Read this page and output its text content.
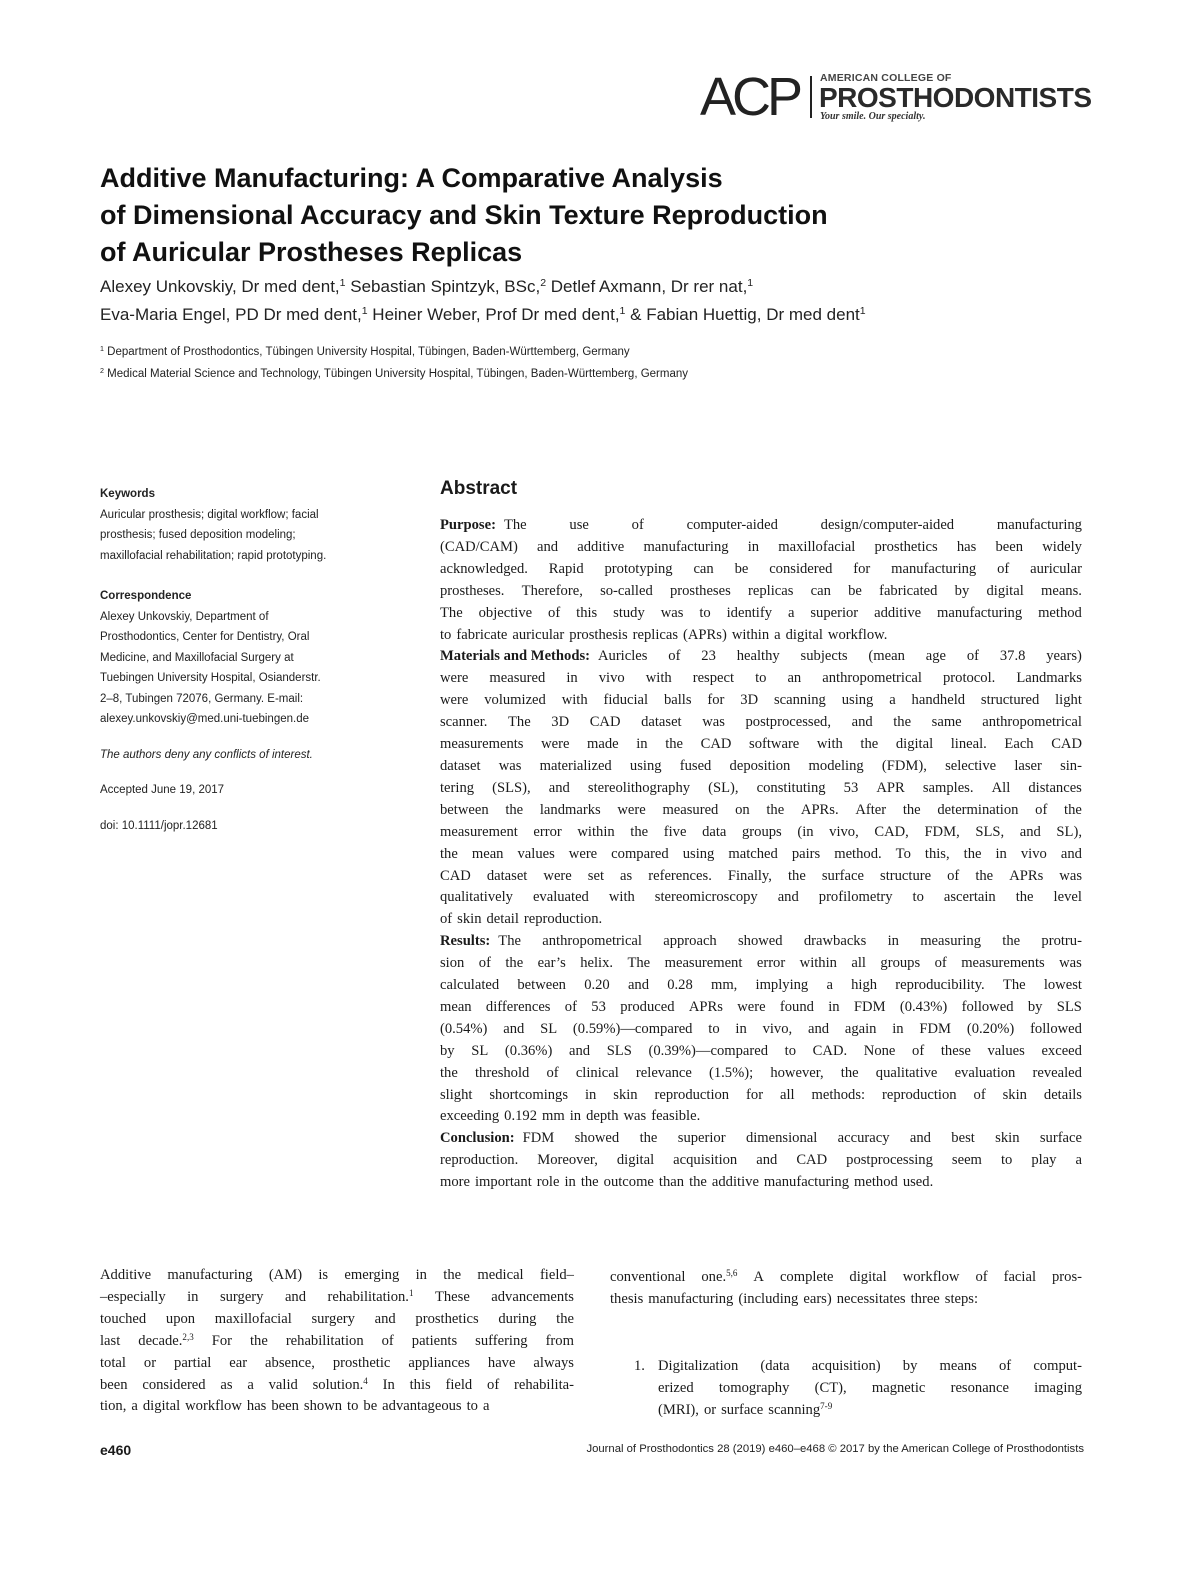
ACP AMERICAN COLLEGE OF
PROSTHODONTISTS
Your smile. Our specialty.
Additive Manufacturing: A Comparative Analysis
of Dimensional Accuracy and Skin Texture Reproduction
of Auricular Prostheses Replicas
Alexey Unkovskiy, Dr med dent,$^1$ Sebastian Spintzyk, BSc,$^2$ Detlef Axmann, Dr rer nat,$^1$
Eva-Maria Engel, PD Dr med dent,$^1$ Heiner Weber, Prof Dr med dent,$^1$ & Fabian Huettig, Dr med dent$^1$
$^1$ Department of Prosthodontics, Tübingen University Hospital, Tübingen, Baden-Württemberg, Germany
$^2$ Medical Material Science and Technology, Tübingen University Hospital, Tübingen, Baden-Württemberg, Germany
Keywords
Auricular prosthesis; digital workflow; facial
prosthesis; fused deposition modeling;
maxillofacial rehabilitation; rapid prototyping.
Correspondence
Alexey Unkovskiy, Department of
Prosthodontics, Center for Dentistry, Oral
Medicine, and Maxillofacial Surgery at
Tuebingen University Hospital, Osianderstr.
2–8, Tubingen 72076, Germany. E-mail:
alexey.unkovskiy@med.uni-tuebingen.de
The authors deny any conflicts of interest.
Accepted June 19, 2017
doi: 10.1111/jopr.12681
Abstract
Purpose: The	use	of	computer-aided	design/computer-aided	manufacturing
(CAD/CAM) and additive manufacturing in maxillofacial prosthetics has been widely
acknowledged. Rapid prototyping can be considered for manufacturing of auricular
prostheses. Therefore, so-called prostheses replicas can be fabricated by digital means.
The objective of this study was to identify a superior additive manufacturing method
to fabricate auricular prosthesis replicas (APRs) within a digital workflow.
Materials and Methods: Auricles of 23 healthy subjects (mean age of 37.8 years)
were measured in vivo with respect to an anthropometrical protocol. Landmarks
were volumized with fiducial balls for 3D scanning using a handheld structured light
scanner. The 3D CAD dataset was postprocessed, and the same anthropometrical
measurements were made in the CAD software with the digital lineal. Each CAD
dataset was materialized using fused deposition modeling (FDM), selective laser sin-
tering (SLS), and stereolithography (SL), constituting 53 APR samples. All distances
between the landmarks were measured on the APRs. After the determination of the
measurement error within the five data groups (in vivo, CAD, FDM, SLS, and SL),
the mean values were compared using matched pairs method. To this, the in vivo and
CAD dataset were set as references. Finally, the surface structure of the APRs was
qualitatively evaluated with stereomicroscopy and profilometry to ascertain the level
of skin detail reproduction.
Results: The anthropometrical approach showed drawbacks in measuring the protru-
sion of the ear’s helix. The measurement error within all groups of measurements was
calculated between 0.20 and 0.28 mm, implying a high reproducibility. The lowest
mean differences of 53 produced APRs were found in FDM (0.43%) followed by SLS
(0.54%) and SL (0.59%)—compared to in vivo, and again in FDM (0.20%) followed
by SL (0.36%) and SLS (0.39%)—compared to CAD. None of these values exceed
the threshold of clinical relevance (1.5%); however, the qualitative evaluation revealed
slight shortcomings in skin reproduction for all methods: reproduction of skin details
exceeding 0.192 mm in depth was feasible.
Conclusion: FDM showed the superior dimensional accuracy and best skin surface
reproduction. Moreover, digital acquisition and CAD postprocessing seem to play a
more important role in the outcome than the additive manufacturing method used.
Additive manufacturing (AM) is emerging in the medical field–
–especially in surgery and rehabilitation.$^1$ These advancements
touched upon maxillofacial surgery and prosthetics during the
last decade.$^{2,3}$ For the rehabilitation of patients suffering from
total or partial ear absence, prosthetic appliances have always
been considered as a valid solution.$^4$ In this field of rehabilita-
tion, a digital workflow has been shown to be advantageous to a
conventional one.$^{5,6}$ A complete digital workflow of facial pros-
thesis manufacturing (including ears) necessitates three steps:
1. Digitalization (data acquisition) by means of comput-
erized tomography (CT), magnetic resonance imaging
(MRI), or surface scanning$^{7-9}$
e460	Journal of Prosthodontics 28 (2019) e460–e468 © 2017 by the American College of Prosthodontists
